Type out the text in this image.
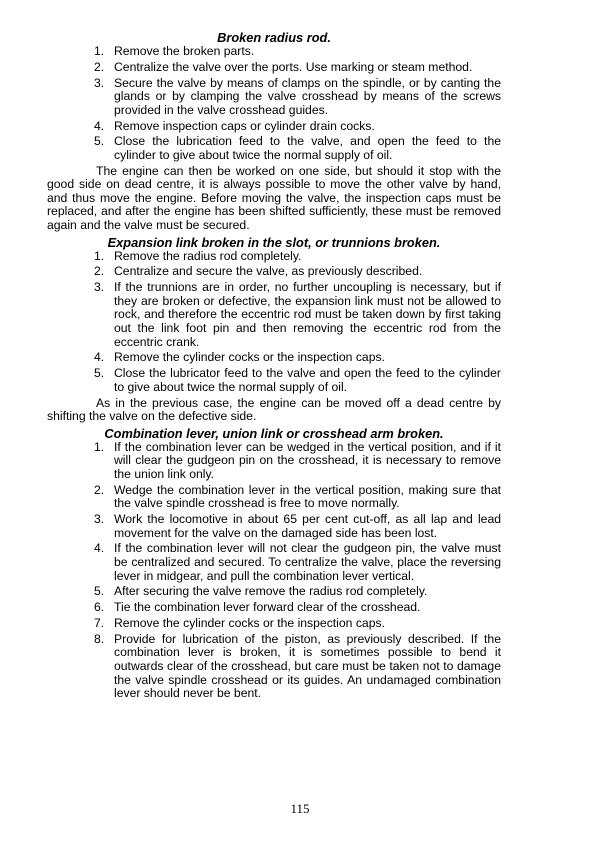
Broken radius rod.

1. Remove the broken parts.
2. Centralize the valve over the ports. Use marking or steam method.
3. Secure the valve by means of clamps on the spindle, or by canting the glands or by clamping the valve crosshead by means of the screws provided in the valve crosshead guides.
4. Remove inspection caps or cylinder drain cocks.
5. Close the lubrication feed to the valve, and open the feed to the cylinder to give about twice the normal supply of oil.

The engine can then be worked on one side, but should it stop with the good side on dead centre, it is always possible to move the other valve by hand, and thus move the engine. Before moving the valve, the inspection caps must be replaced, and after the engine has been shifted sufficiently, these must be removed again and the valve must be secured.

Expansion link broken in the slot, or trunnions broken.

1. Remove the radius rod completely.
2. Centralize and secure the valve, as previously described.
3. If the trunnions are in order, no further uncoupling is necessary, but if they are broken or defective, the expansion link must not be allowed to rock, and therefore the eccentric rod must be taken down by first taking out the link foot pin and then removing the eccentric rod from the eccentric crank.
4. Remove the cylinder cocks or the inspection caps.
5. Close the lubricator feed to the valve and open the feed to the cylinder to give about twice the normal supply of oil.

As in the previous case, the engine can be moved off a dead centre by shifting the valve on the defective side.

Combination lever, union link or crosshead arm broken.

1. If the combination lever can be wedged in the vertical position, and if it will clear the gudgeon pin on the crosshead, it is necessary to remove the union link only.
2. Wedge the combination lever in the vertical position, making sure that the valve spindle crosshead is free to move normally.
3. Work the locomotive in about 65 per cent cut-off, as all lap and lead movement for the valve on the damaged side has been lost.
4. If the combination lever will not clear the gudgeon pin, the valve must be centralized and secured. To centralize the valve, place the reversing lever in midgear, and pull the combination lever vertical.
5. After securing the valve remove the radius rod completely.
6. Tie the combination lever forward clear of the crosshead.
7. Remove the cylinder cocks or the inspection caps.
8. Provide for lubrication of the piston, as previously described. If the combination lever is broken, it is sometimes possible to bend it outwards clear of the crosshead, but care must be taken not to damage the valve spindle crosshead or its guides. An undamaged combination lever should never be bent.
115
